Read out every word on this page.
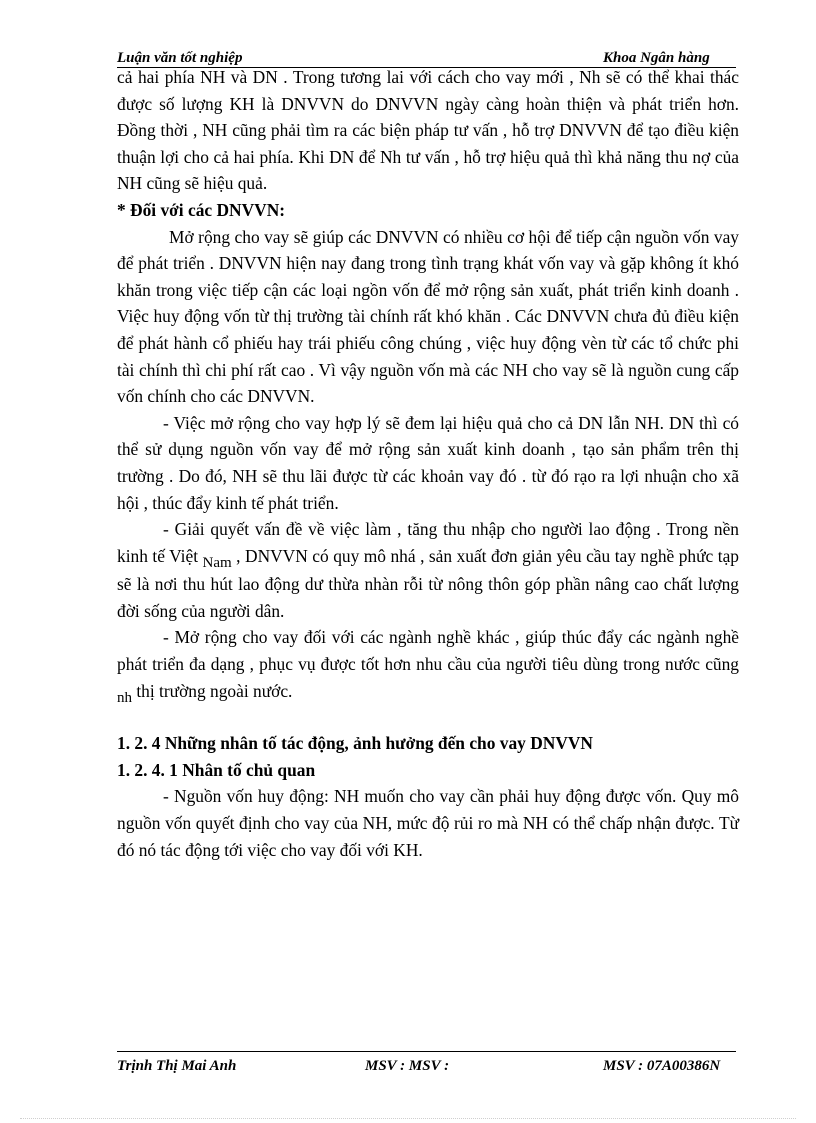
Luận văn tốt nghiệp	Khoa Ngân hàng

cả hai phía NH và DN . Trong tương lai với cách cho vay mới , Nh sẽ có thể khai thác được số lượng KH là DNVVN do DNVVN ngày càng hoàn thiện và phát triển hơn. Đồng thời , NH cũng phải tìm ra các biện pháp tư vấn , hỗ trợ DNVVN để tạo điều kiện thuận lợi cho cả hai phía. Khi DN để Nh tư vấn , hỗ trợ hiệu quả thì khả năng thu nợ của NH cũng sẽ hiệu quả.

* Đối với các DNVVN:

Mở rộng cho vay sẽ giúp các DNVVN có nhiều cơ hội để tiếp cận nguồn vốn vay để phát triển . DNVVN hiện nay đang trong tình trạng khát vốn vay và gặp không ít khó khăn trong việc tiếp cận các loại ngồn vốn để mở rộng sản xuất, phát triển kinh doanh . Việc huy động vốn từ thị trường tài chính rất khó khăn . Các DNVVN chưa đủ điều kiện để phát hành cổ phiếu hay trái phiếu công chúng , việc huy động vèn từ các tổ chức phi tài chính thì chi phí rất cao . Vì vậy nguồn vốn mà các NH cho vay sẽ là nguồn cung cấp vốn chính cho các DNVVN.

- Việc mở rộng cho vay hợp lý sẽ đem lại hiệu quả cho cả DN lẫn NH. DN thì có thể sử dụng nguồn vốn vay để mở rộng sản xuất kinh doanh , tạo sản phẩm trên thị trường . Do đó, NH sẽ thu lãi được từ các khoản vay đó . từ đó rạo ra lợi nhuận cho xã hội , thúc đẩy kinh tế phát triển.

- Giải quyết vấn đề về việc làm , tăng thu nhập cho người lao động . Trong nền kinh tế Việt Nam , DNVVN có quy mô nhá , sản xuất đơn giản yêu cầu tay nghề phức tạp sẽ là nơi thu hút lao động dư thừa nhàn rỗi từ nông thôn góp phần nâng cao chất lượng đời sống của người dân.

- Mở rộng cho vay đối với các ngành nghề khác , giúp thúc đẩy các ngành nghề phát triển đa dạng , phục vụ được tốt hơn nhu cầu của người tiêu dùng trong nước cũng nh thị trường ngoài nước.

1. 2. 4 Những nhân tố tác động, ảnh hưởng đến cho vay DNVVN

1. 2. 4. 1 Nhân tố chủ quan

- Nguồn vốn huy động: NH muốn cho vay cần phải huy động được vốn. Quy mô nguồn vốn quyết định cho vay của NH, mức độ rủi ro mà NH có thể chấp nhận được. Từ đó nó tác động tới việc cho vay đối với KH.

Trịnh Thị Mai Anh	MSV : MSV :	MSV : 07A00386N
